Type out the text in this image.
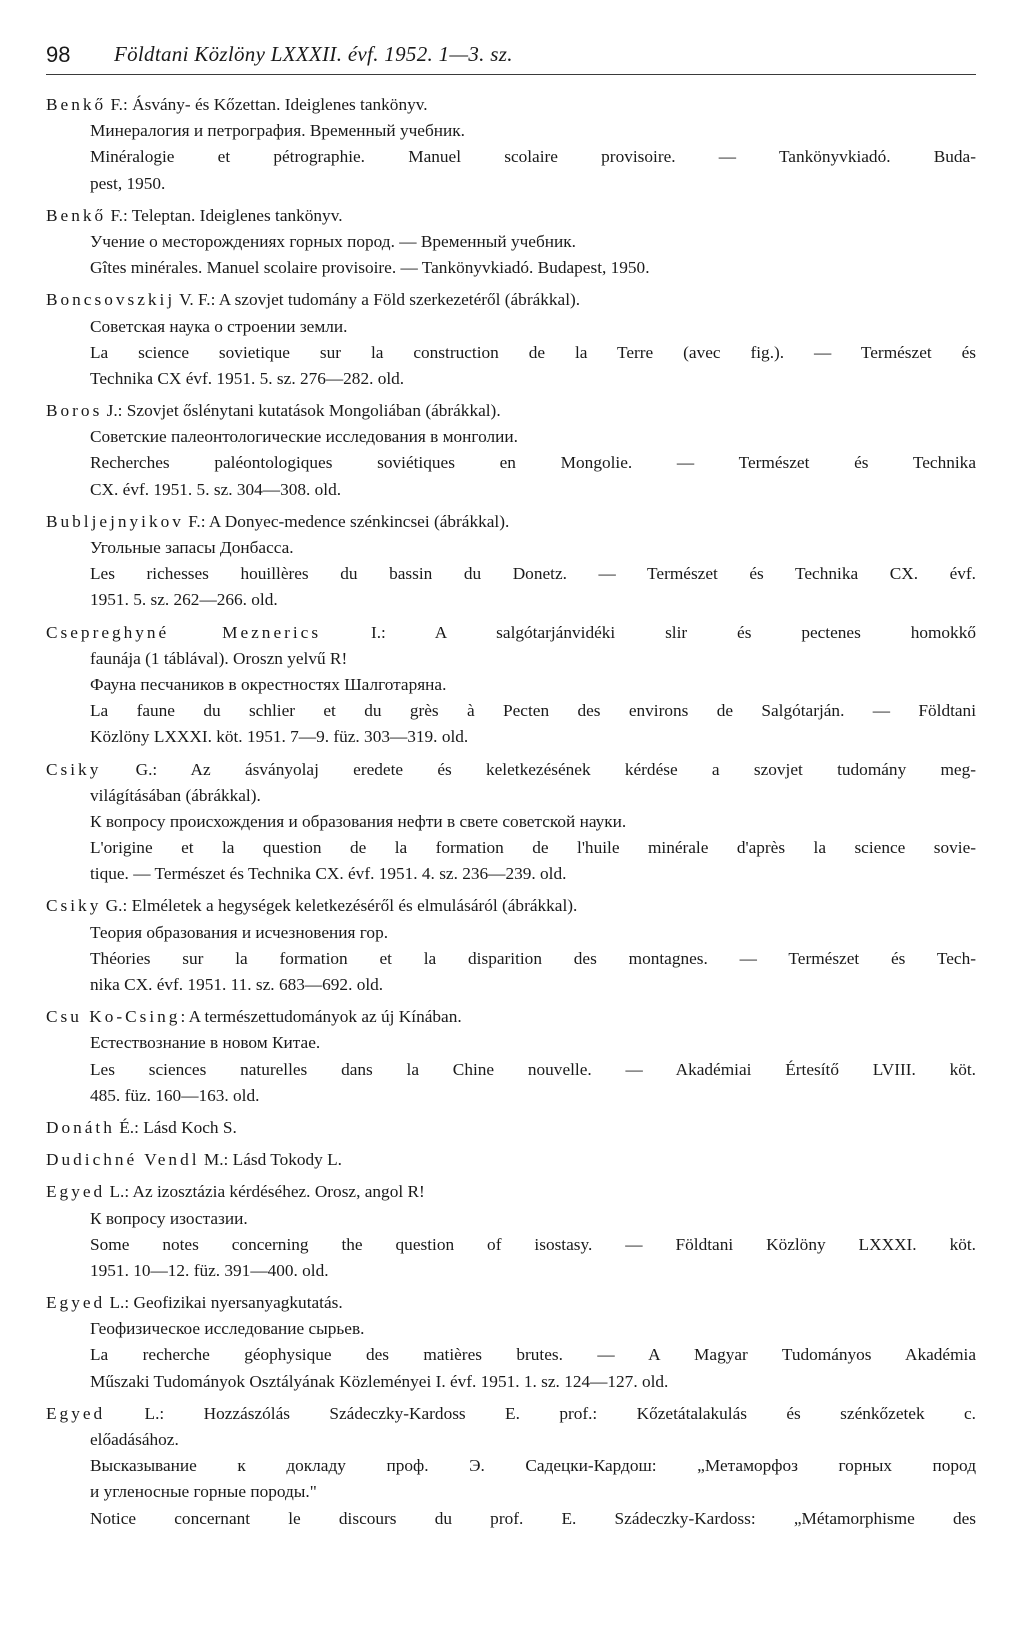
98 Földtani Közlöny LXXXII. évf. 1952. 1—3. sz.
Benkő F.: Ásvány- és Kőzettan. Ideiglenes tankönyv.
Минералогия и петрография. Временный учебник.
Minéralogie et pétrographie. Manuel scolaire provisoire. — Tankönyvkiadó. Buda-
pest, 1950.
Benkő F.: Teleptan. Ideiglenes tankönyv.
Учение о месторождениях горных пород. — Временный учебник.
Gîtes minérales. Manuel scolaire provisoire. — Tankönyvkiadó. Budapest, 1950.
Boncsovszkij V. F.: A szovjet tudomány a Föld szerkezetéről (ábrákkal).
Советская наука о строении земли.
La science sovietique sur la construction de la Terre (avec fig.). — Természet és
Technika CX évf. 1951. 5. sz. 276—282. old.
Boros J.: Szovjet őslénytani kutatások Mongoliában (ábrákkal).
Советские палеонтологические исследования в монголии.
Recherches paléontologiques soviétiques en Mongolie. — Természet és Technika
CX. évf. 1951. 5. sz. 304—308. old.
Bubljejnyikov F.: A Donyec-medence szénkincsei (ábrákkal).
Угольные запасы Донбасса.
Les richesses houillères du bassin du Donetz. — Természet és Technika CX. évf.
1951. 5. sz. 262—266. old.
Csepreghyné Meznerics I.: A salgótarjánvidéki slir és pectenes homokkő
faunája (1 táblával). Oroszn yelvű R!
Фауна песчаников в окрестностях Шалготаряна.
La faune du schlier et du grès à Pecten des environs de Salgótarján. — Földtani
Közlöny LXXXI. köt. 1951. 7—9. füz. 303—319. old.
Csiky G.: Az ásványolaj eredete és keletkezésének kérdése a szovjet tudomány meg-
világításában (ábrákkal).
К вопросу происхождения и образования нефти в свете советской науки.
L'origine et la question de la formation de l'huile minérale d'après la science sovie-
tique. — Természet és Technika CX. évf. 1951. 4. sz. 236—239. old.
Csiky G.: Elméletek a hegységek keletkezéséről és elmulásáról (ábrákkal).
Теория образования и исчезновения гор.
Théories sur la formation et la disparition des montagnes. — Természet és Tech-
nika CX. évf. 1951. 11. sz. 683—692. old.
Csu Ko-Csing: A természettudományok az új Kínában.
Естествознание в новом Китае.
Les sciences naturelles dans la Chine nouvelle. — Akadémiai Értesítő LVIII. köt.
485. füz. 160—163. old.
Donáth É.: Lásd Koch S.
Dudichné Vendl M.: Lásd Tokody L.
Egyed L.: Az izosztázia kérdéséhez. Orosz, angol R!
К вопросу изостазии.
Some notes concerning the question of isostasy. — Földtani Közlöny LXXXI. köt.
1951. 10—12. füz. 391—400. old.
Egyed L.: Geofizikai nyersanyagkutatás.
Геофизическое исследование сырьев.
La recherche géophysique des matières brutes. — A Magyar Tudományos Akadémia
Műszaki Tudományok Osztályának Közleményei I. évf. 1951. 1. sz. 124—127. old.
Egyed L.: Hozzászólás Szádeczky-Kardoss E. prof.: Kőzetátalakulás és szénkőzetek c.
előadásához.
Высказывание к докладу проф. Э. Садецки-Кардош: „Метаморфоз горных пород
и угленосные горные породы."
Notice concernant le discours du prof. E. Szádeczky-Kardoss: „Métamorphisme des
